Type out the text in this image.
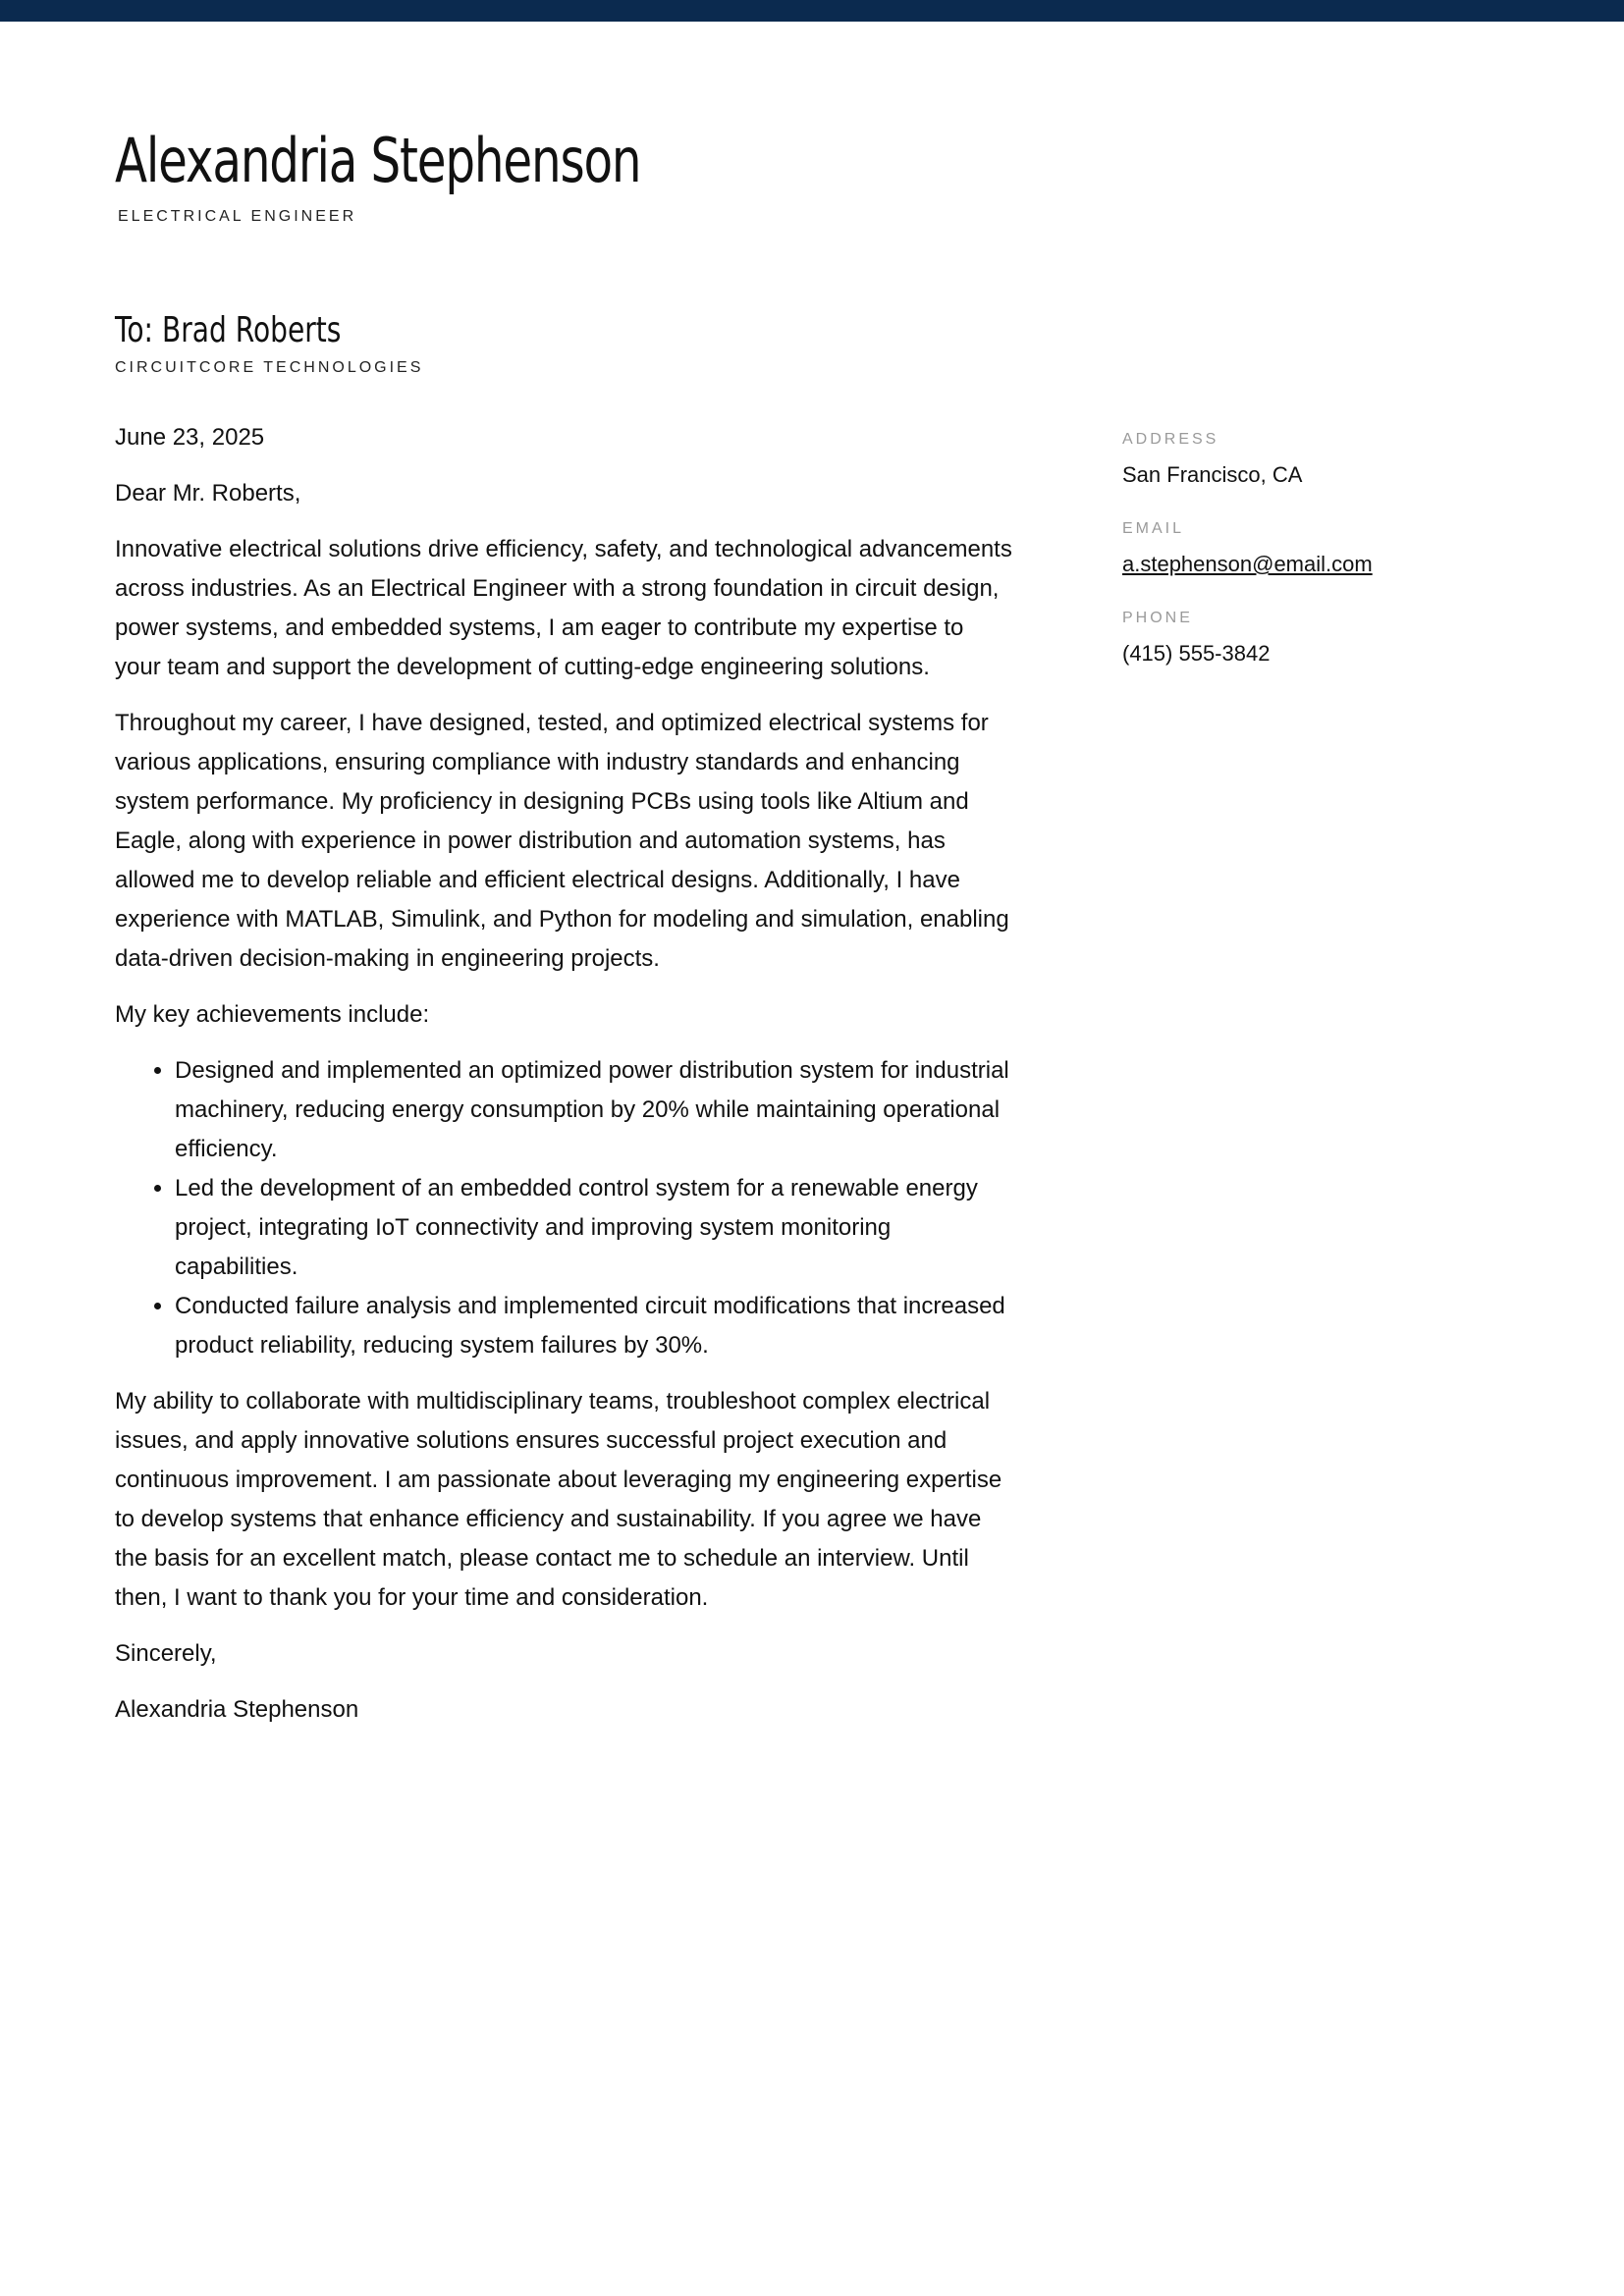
Alexandria Stephenson
ELECTRICAL ENGINEER
To: Brad Roberts
CIRCUITCORE TECHNOLOGIES

June 23, 2025

Dear Mr. Roberts,

Innovative electrical solutions drive efficiency, safety, and technological advancements across industries. As an Electrical Engineer with a strong foundation in circuit design, power systems, and embedded systems, I am eager to contribute my expertise to your team and support the development of cutting-edge engineering solutions.

Throughout my career, I have designed, tested, and optimized electrical systems for various applications, ensuring compliance with industry standards and enhancing system performance. My proficiency in designing PCBs using tools like Altium and Eagle, along with experience in power distribution and automation systems, has allowed me to develop reliable and efficient electrical designs. Additionally, I have experience with MATLAB, Simulink, and Python for modeling and simulation, enabling data-driven decision-making in engineering projects.

My key achievements include:

• Designed and implemented an optimized power distribution system for industrial machinery, reducing energy consumption by 20% while maintaining operational efficiency.
• Led the development of an embedded control system for a renewable energy project, integrating IoT connectivity and improving system monitoring capabilities.
• Conducted failure analysis and implemented circuit modifications that increased product reliability, reducing system failures by 30%.

My ability to collaborate with multidisciplinary teams, troubleshoot complex electrical issues, and apply innovative solutions ensures successful project execution and continuous improvement. I am passionate about leveraging my engineering expertise to develop systems that enhance efficiency and sustainability. If you agree we have the basis for an excellent match, please contact me to schedule an interview. Until then, I want to thank you for your time and consideration.

Sincerely,

Alexandria Stephenson

ADDRESS
San Francisco, CA
EMAIL
a.stephenson@email.com
PHONE
(415) 555-3842
